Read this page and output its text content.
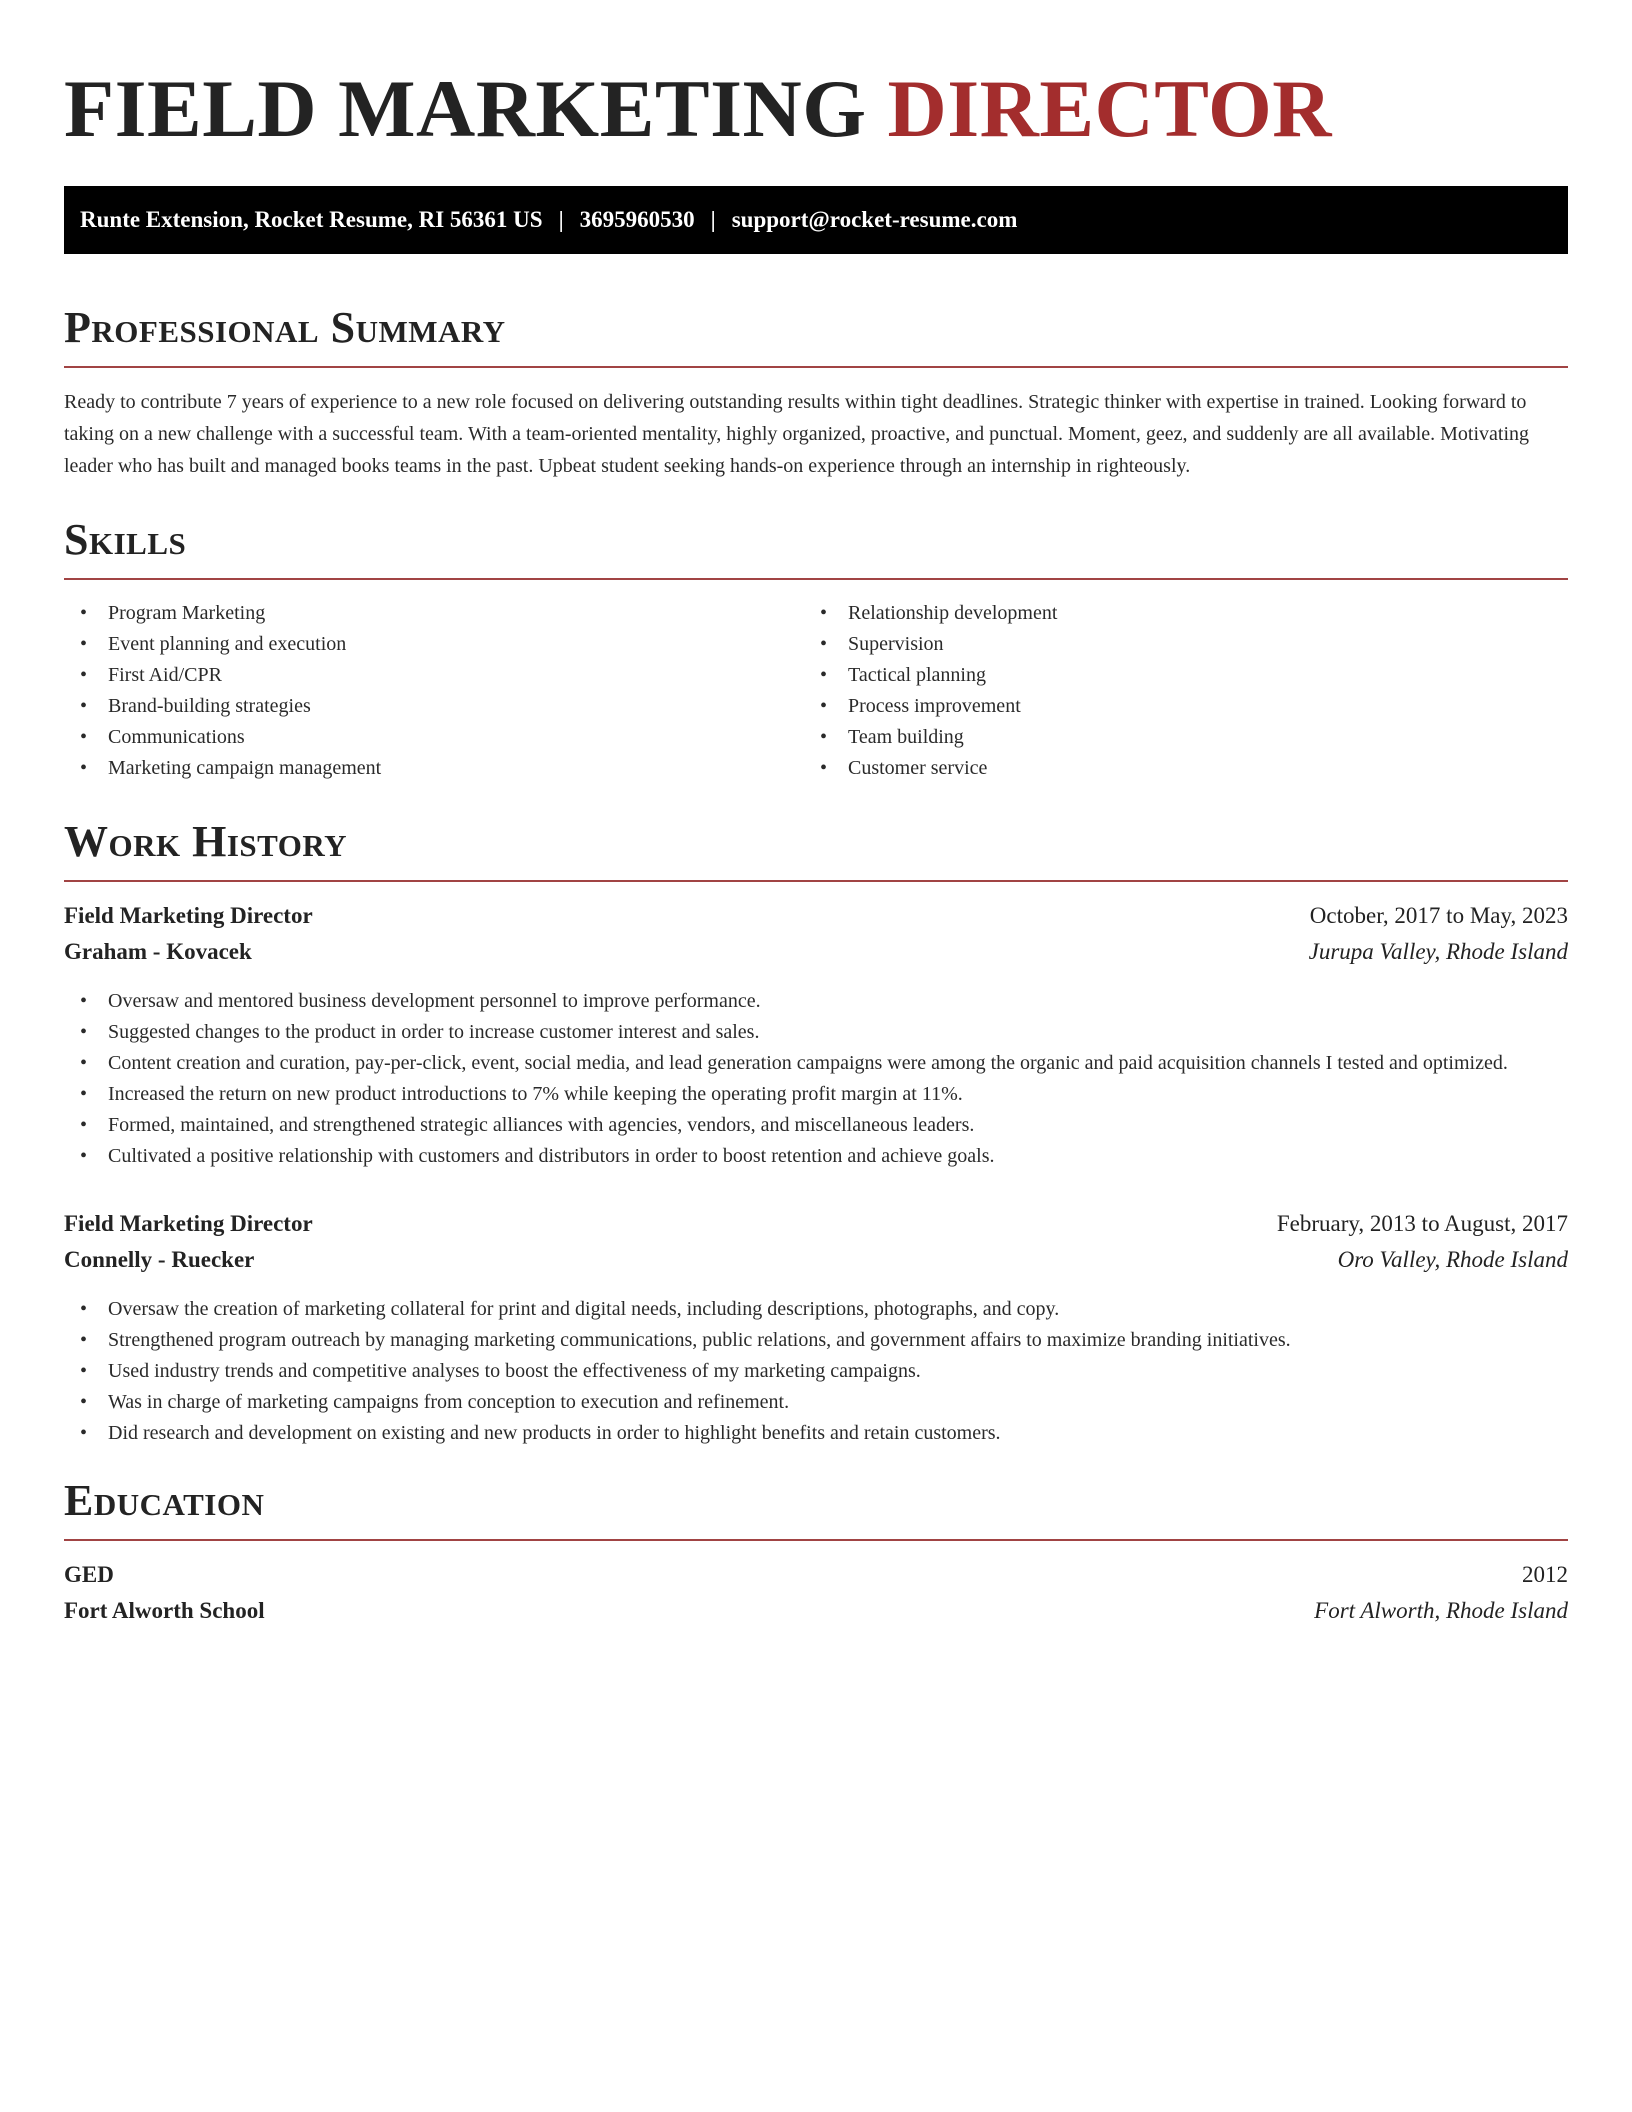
FIELD MARKETING DIRECTOR
Runte Extension, Rocket Resume, RI 56361 US | 3695960530 | support@rocket-resume.com
Professional Summary

Ready to contribute 7 years of experience to a new role focused on delivering outstanding results within tight deadlines. Strategic thinker with expertise in trained. Looking forward to taking on a new challenge with a successful team. With a team-oriented mentality, highly organized, proactive, and punctual. Moment, geez, and suddenly are all available. Motivating leader who has built and managed books teams in the past. Upbeat student seeking hands-on experience through an internship in righteously.

Skills
• Program Marketing
• Event planning and execution
• First Aid/CPR
• Brand-building strategies
• Communications
• Marketing campaign management
• Relationship development
• Supervision
• Tactical planning
• Process improvement
• Team building
• Customer service
Work History
Field Marketing Director	October, 2017 to May, 2023
Graham - Kovacek	Jurupa Valley, Rhode Island
• Oversaw and mentored business development personnel to improve performance.
• Suggested changes to the product in order to increase customer interest and sales.
• Content creation and curation, pay-per-click, event, social media, and lead generation campaigns were among the organic and paid acquisition channels I tested and optimized.
• Increased the return on new product introductions to 7% while keeping the operating profit margin at 11%.
• Formed, maintained, and strengthened strategic alliances with agencies, vendors, and miscellaneous leaders.
• Cultivated a positive relationship with customers and distributors in order to boost retention and achieve goals.
Field Marketing Director	February, 2013 to August, 2017
Connelly - Ruecker	Oro Valley, Rhode Island
• Oversaw the creation of marketing collateral for print and digital needs, including descriptions, photographs, and copy.
• Strengthened program outreach by managing marketing communications, public relations, and government affairs to maximize branding initiatives.
• Used industry trends and competitive analyses to boost the effectiveness of my marketing campaigns.
• Was in charge of marketing campaigns from conception to execution and refinement.
• Did research and development on existing and new products in order to highlight benefits and retain customers.
Education
GED	2012
Fort Alworth School	Fort Alworth, Rhode Island
